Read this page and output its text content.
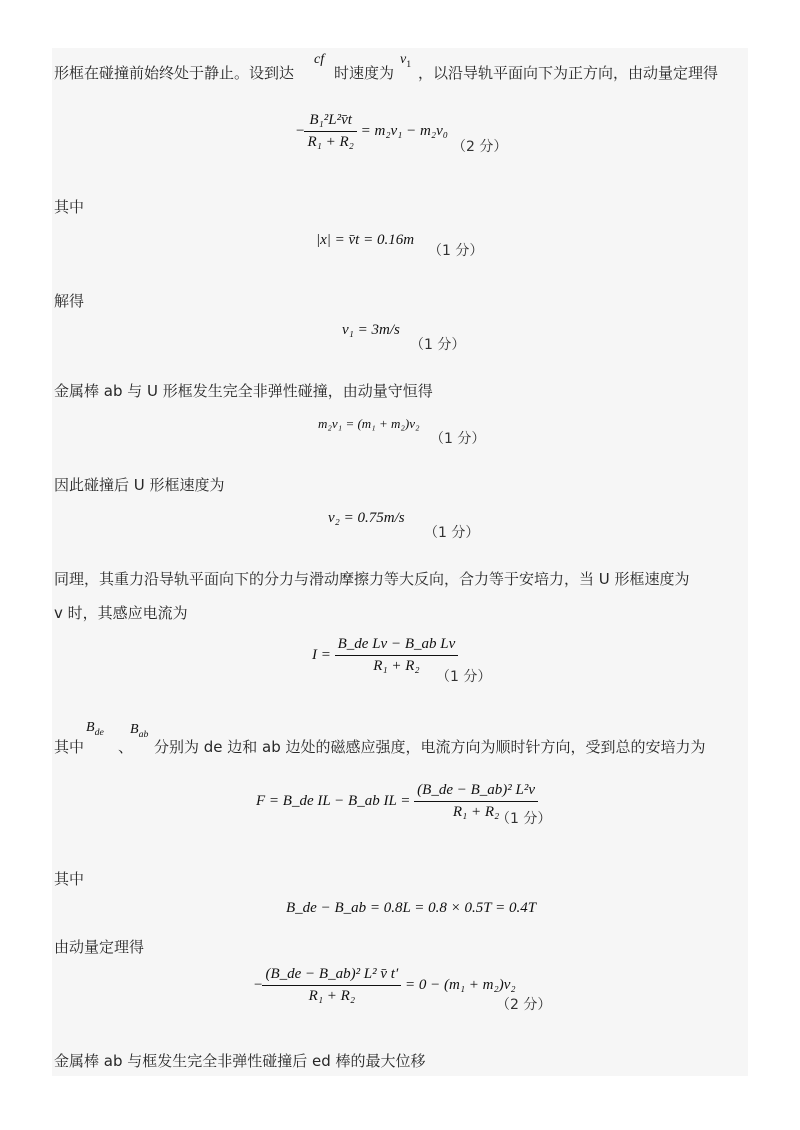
形框在碰撞前始终处于静止。设到达
cf
时速度为
$v_1$ ，以沿导轨平面向下为正方向，由动量定理得
− $\frac{\text{B₁²L²v̄t}}{\text{R₁ + R₂}} = m_2v_1 - m_2v_0$
（2 分）
其中
|x| = v̄t = 0.16m
（1 分）
解得
v₁ = 3m/s
（1 分）
金属棒 ab 与 U 形框发生完全非弹性碰撞，由动量守恒得
m₂v₁ = (m₁ + m₂)v₂
（1 分）
因此碰撞后 U 形框速度为
v₂ = 0.75m/s
（1 分）
同理，其重力沿导轨平面向下的分力与滑动摩擦力等大反向，合力等于安培力，当 U 形框速度为
v 时，其感应电流为
$I = \frac{\text{B\_de Lv − B\_ab Lv}}{\text{R₁ + R₂}}$
（1 分）
其中
$B_{de}$
、
$B_{ab}$
分别为 de 边和 ab 边处的磁感应强度，电流方向为顺时针方向，受到总的安培力为
F = B_de IL − B_ab IL = $\frac{\text{(B\_de − B\_ab)² L²v}}{\text{R₁ + R₂}}$
（1 分）
其中
B_de − B_ab = 0.8L = 0.8 × 0.5T = 0.4T
由动量定理得
− $\frac{\text{(B\_de − B\_ab)² L² v̄ t′}}{\text{R₁ + R₂}} = 0 - (m_1 + m_2)v_2$
（2 分）
金属棒 ab 与框发生完全非弹性碰撞后 ed 棒的最大位移
